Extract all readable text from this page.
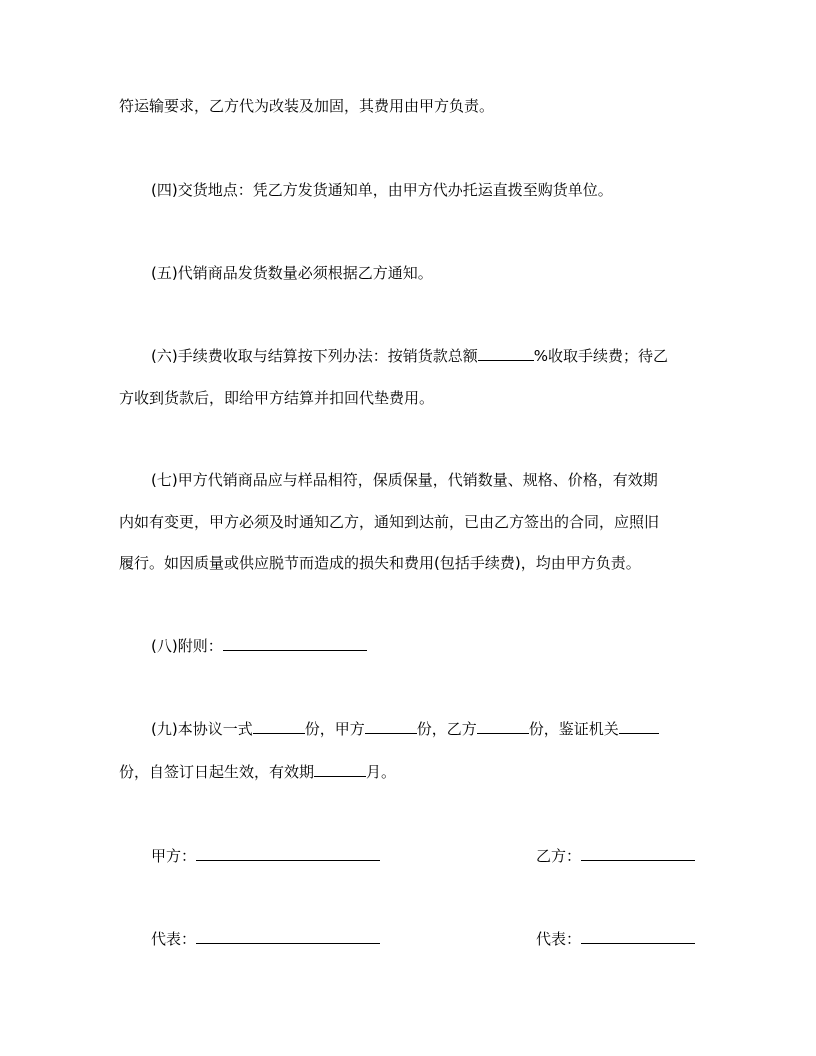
符运输要求，乙方代为改装及加固，其费用由甲方负责。
(四)交货地点：凭乙方发货通知单，由甲方代办托运直拨至购货单位。
(五)代销商品发货数量必须根据乙方通知。
(六)手续费收取与结算按下列办法：按销货款总额	%收取手续费；待乙
方收到货款后，即给甲方结算并扣回代垫费用。
(七)甲方代销商品应与样品相符，保质保量，代销数量、规格、价格，有效期
内如有变更，甲方必须及时通知乙方，通知到达前，已由乙方签出的合同，应照旧
履行。如因质量或供应脱节而造成的损失和费用(包括手续费)，均由甲方负责。
(八)附则：
(九)本协议一式	份，甲方	份，乙方	份，鉴证机关
份，自签订日起生效，有效期	月。
甲方：	乙方：
代表：	代表：
